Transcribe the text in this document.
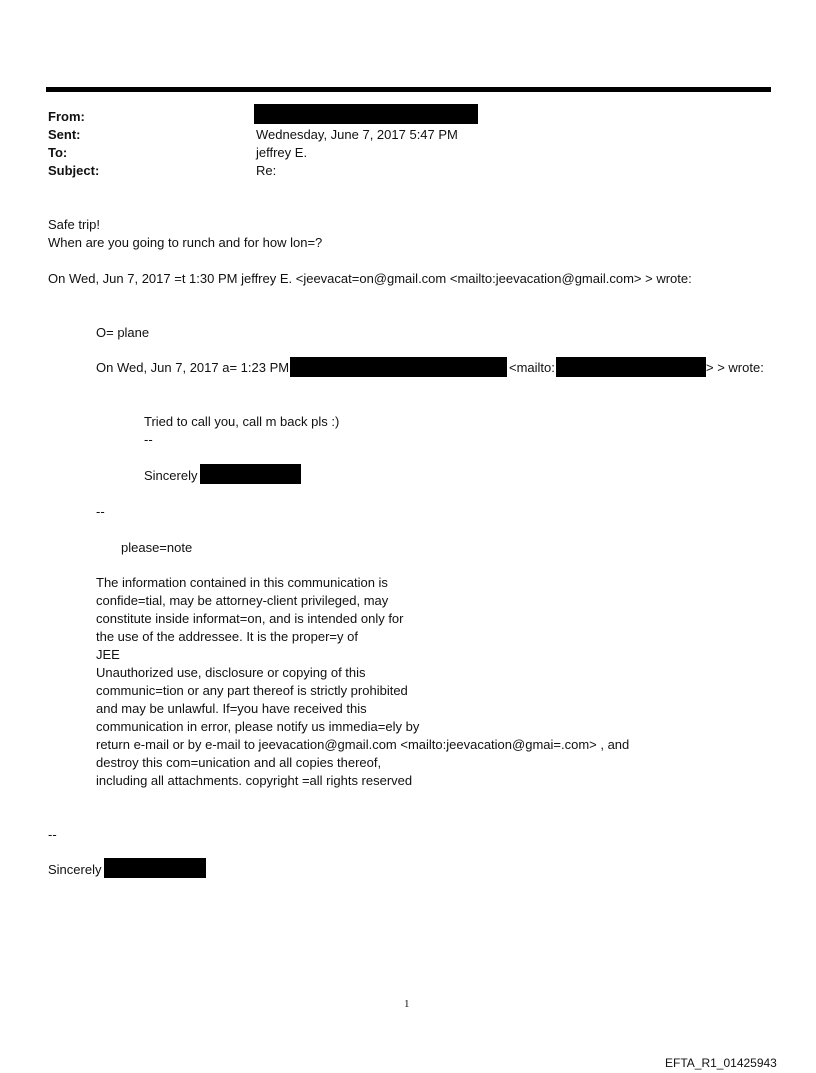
From:
Sent:	Wednesday, June 7, 2017 5:47 PM
To:	jeffrey E.
Subject:	Re:
Safe trip!
When are you going to runch and for how lon=?
On Wed, Jun 7, 2017 =t 1:30 PM jeffrey E. <jeevacat=on@gmail.com <mailto:jeevacation@gmail.com> > wrote:
O= plane
On Wed, Jun 7, 2017 a= 1:23 PM	<mailto:	> > wrote:
Tried to call you, call m back pls :)
--
Sincerely
--
please=note
The information contained in this communication is
confide=tial, may be attorney-client privileged, may
constitute inside informat=on, and is intended only for
the use of the addressee. It is the proper=y of
JEE
Unauthorized use, disclosure or copying of this
communic=tion or any part thereof is strictly prohibited
and may be unlawful. If=you have received this
communication in error, please notify us immedia=ely by
return e-mail or by e-mail to jeevacation@gmail.com <mailto:jeevacation@gmai=.com> , and
destroy this com=unication and all copies thereof,
including all attachments. copyright =all rights reserved
--
Sincerely
1
EFTA_R1_01425943
